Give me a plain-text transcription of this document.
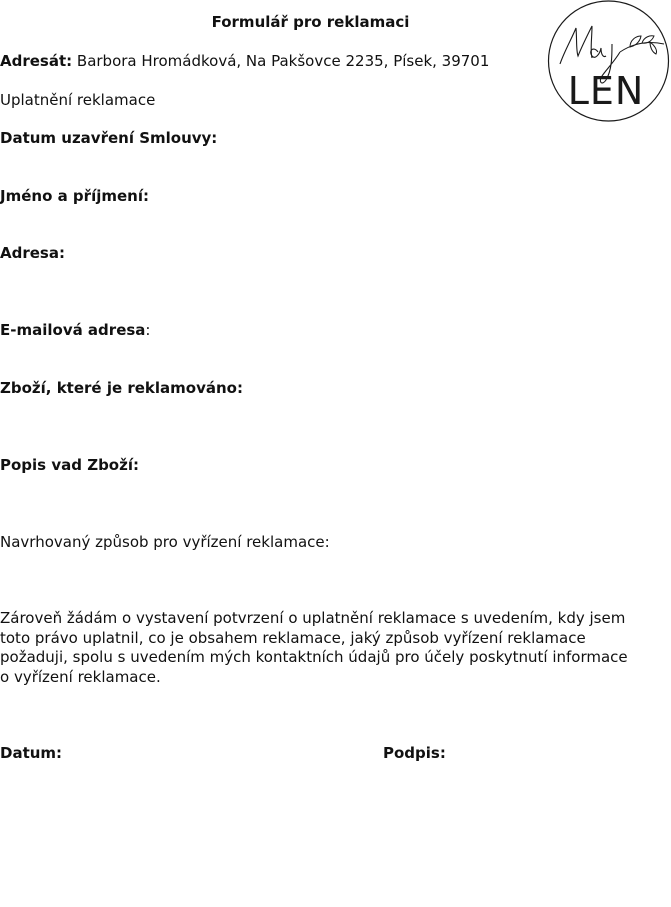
Formulář pro reklamaci
Adresát: Barbora Hromádková, Na Pakšovce 2235, Písek, 39701
Uplatnění reklamace
Datum uzavření Smlouvy:
Jméno a příjmení:
Adresa:
E-mailová adresa:
Zboží, které je reklamováno:
Popis vad Zboží:
Navrhovaný způsob pro vyřízení reklamace:
Zároveň žádám o vystavení potvrzení o uplatnění reklamace s uvedením, kdy jsem toto právo uplatnil, co je obsahem reklamace, jaký způsob vyřízení reklamace požaduji, spolu s uvedením mých kontaktních údajů pro účely poskytnutí informace o vyřízení reklamace.
Datum:	Podpis:
LEN
